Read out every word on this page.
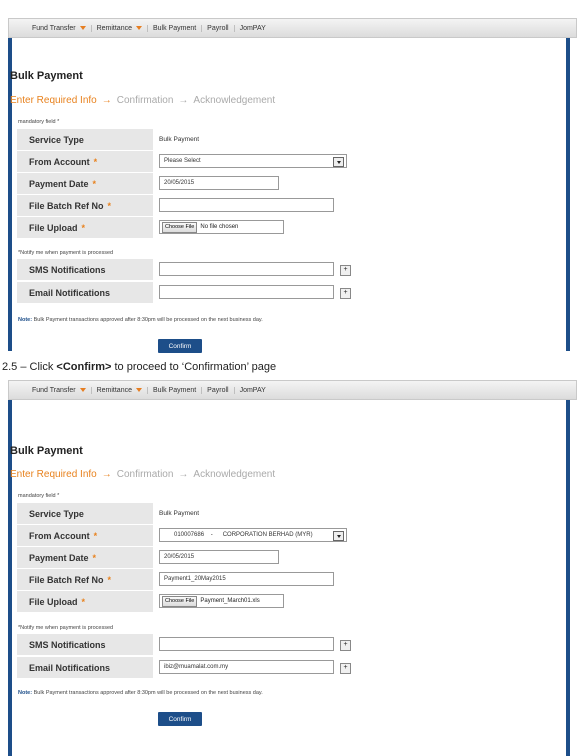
Fund Transfer	Remittance	Bulk Payment	Payroll	JomPAY
Bulk Payment
Enter Required Info → Confirmation → Acknowledgement
mandatory field *
Service Type	Bulk Payment
From Account *	Please Select
Payment Date *	20/05/2015
File Batch Ref No *
File Upload *	Choose File	No file chosen
*Notify me when payment is processed
SMS Notifications	+
Email Notifications	+
Note: Bulk Payment transactions approved after 8:30pm will be processed on the next business day.
Confirm
2.5 – Click <Confirm> to proceed to ‘Confirmation’ page
Fund Transfer	Remittance	Bulk Payment	Payroll	JomPAY
Bulk Payment
Enter Required Info → Confirmation → Acknowledgement
mandatory field *
Service Type	Bulk Payment
From Account *	010007686    -      CORPORATION BERHAD (MYR)
Payment Date *	20/05/2015
File Batch Ref No *	Payment1_20May2015
File Upload *	Choose File	Payment_March01.xls
*Notify me when payment is processed
SMS Notifications	+
Email Notifications	ibiz@muamalat.com.my	+
Note: Bulk Payment transactions approved after 8:30pm will be processed on the next business day.
Confirm
